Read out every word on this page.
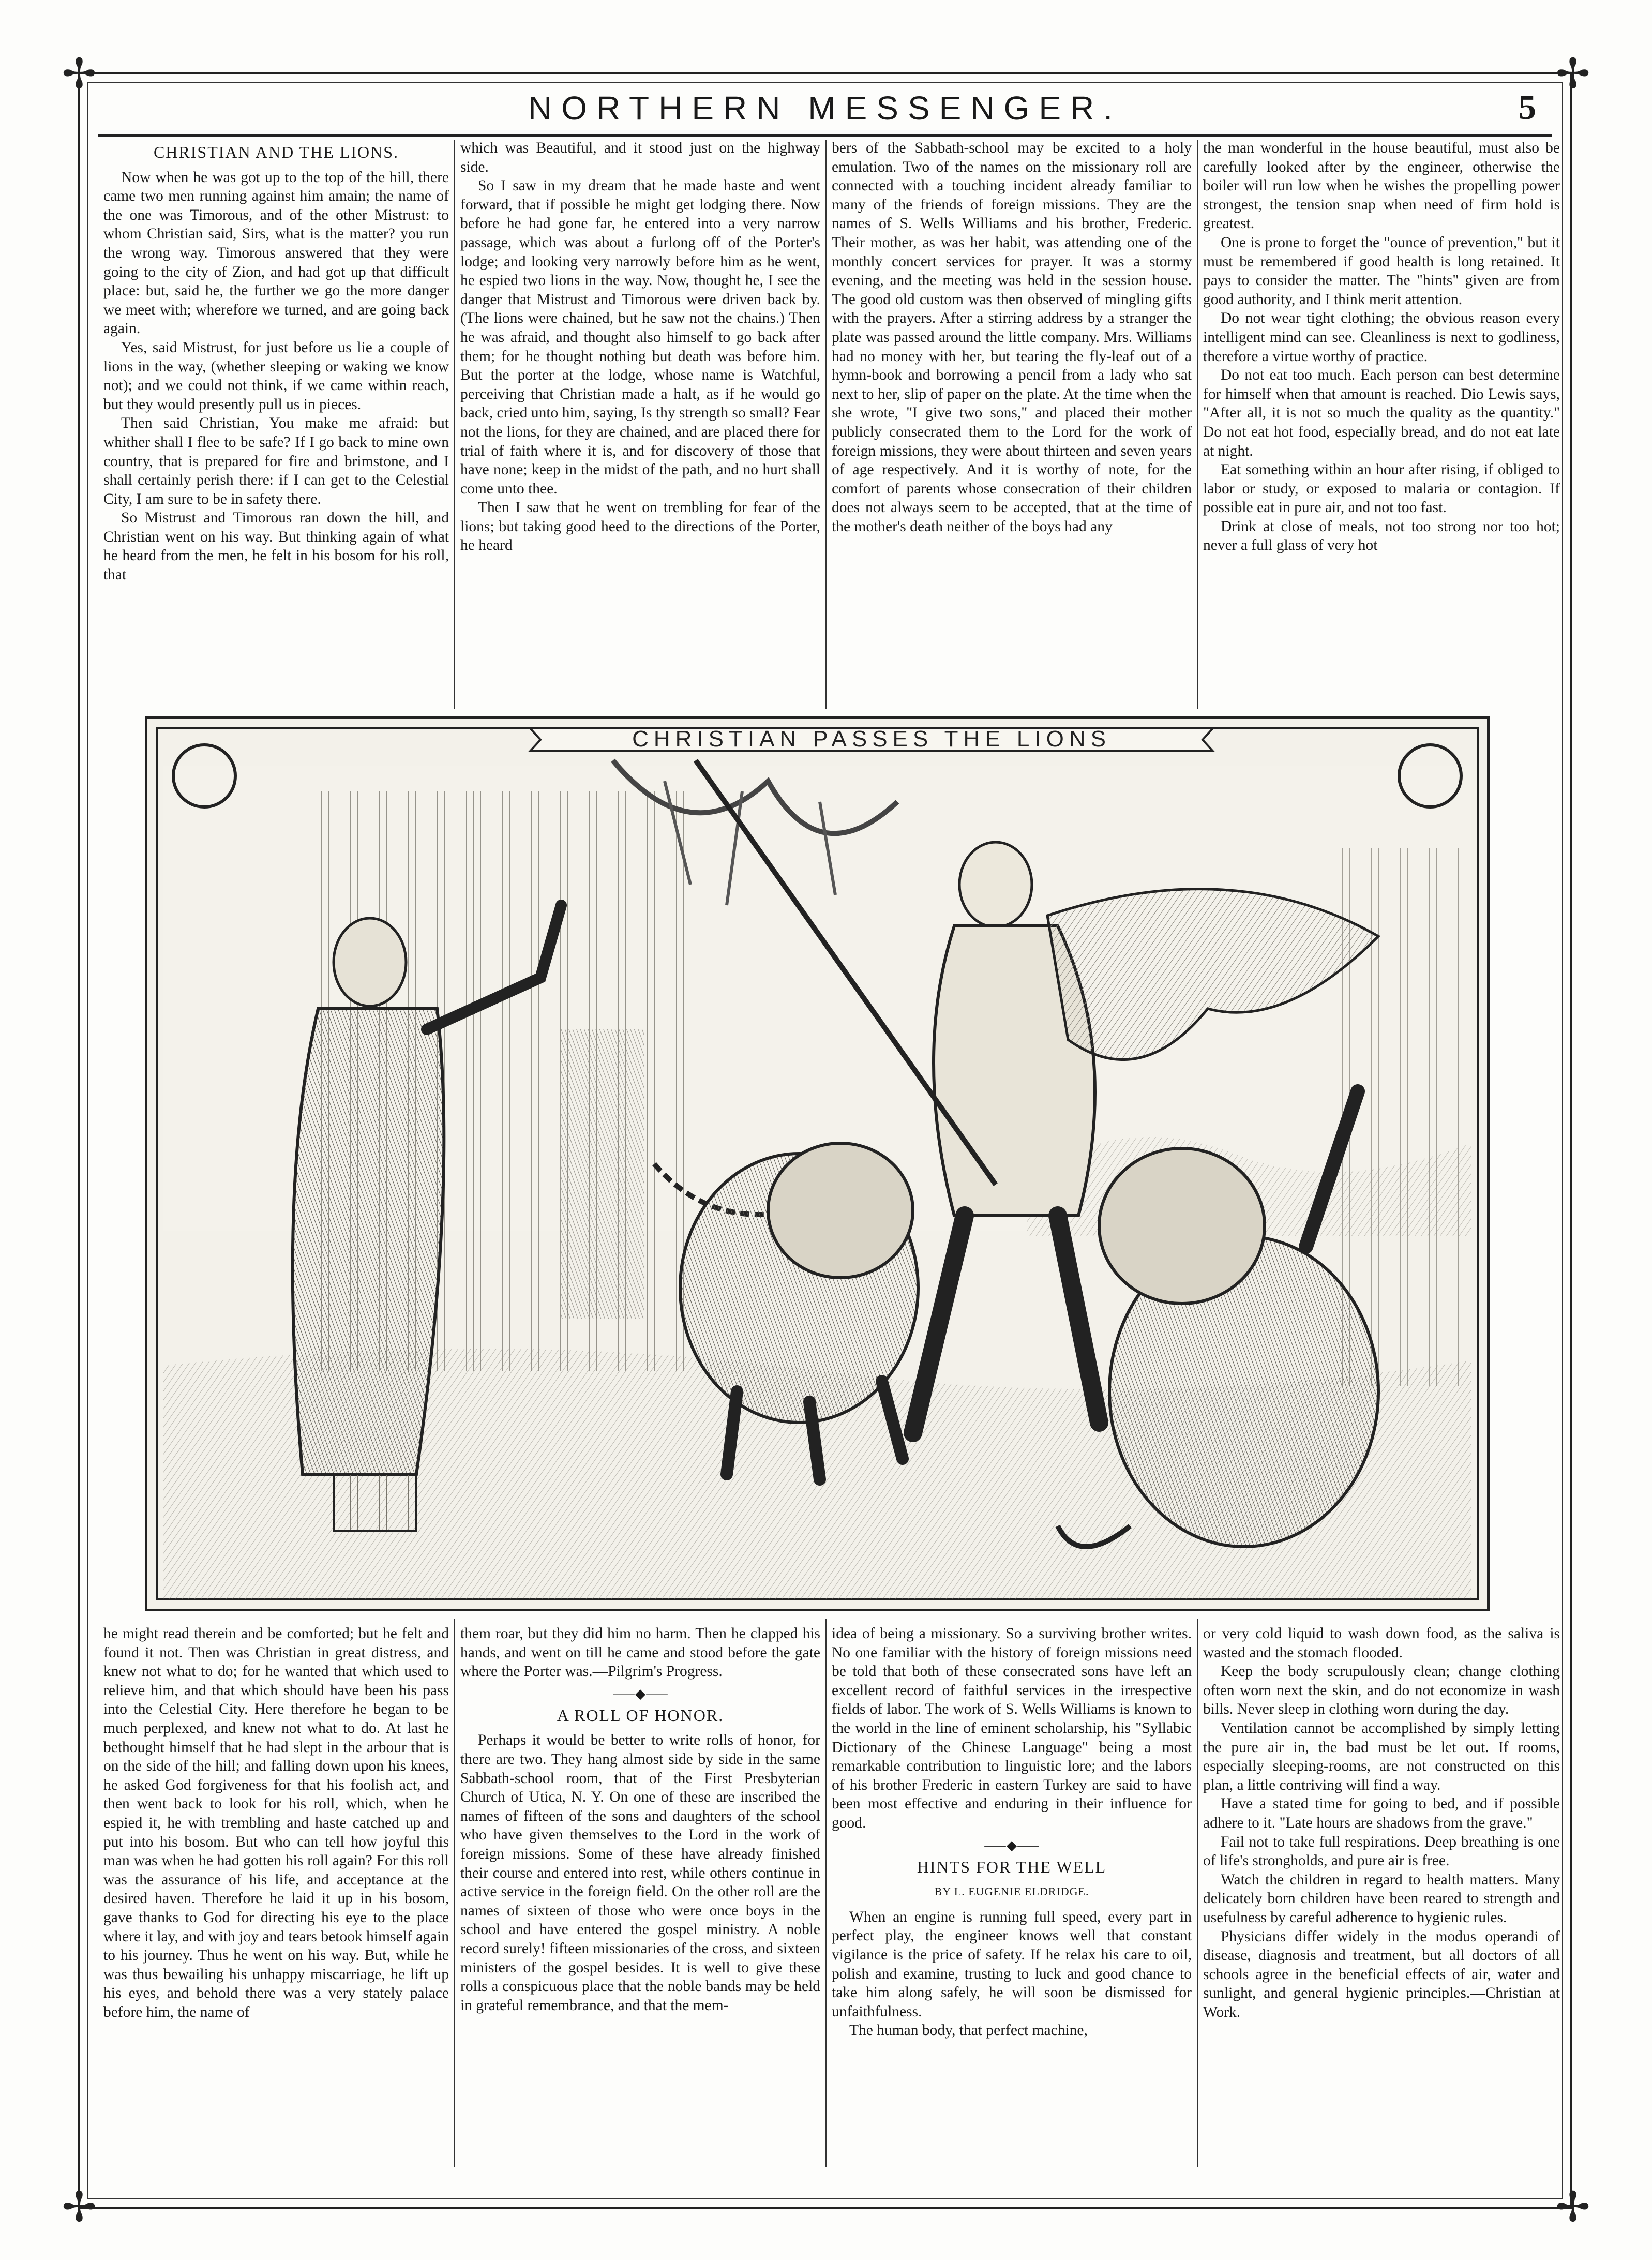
✢	✢
✢	✢
NORTHERN MESSENGER.	5
CHRISTIAN AND THE LIONS.

Now when he was got up to the top of the hill, there came two men running against him amain; the name of the one was Timorous, and of the other Mistrust: to whom Christian said, Sirs, what is the matter? you run the wrong way. Timorous answered that they were going to the city of Zion, and had got up that difficult place: but, said he, the further we go the more danger we meet with; wherefore we turned, and are going back again.

Yes, said Mistrust, for just before us lie a couple of lions in the way, (whether sleeping or waking we know not); and we could not think, if we came within reach, but they would presently pull us in pieces.

Then said Christian, You make me afraid: but whither shall I flee to be safe? If I go back to mine own country, that is prepared for fire and brimstone, and I shall certainly perish there: if I can get to the Celestial City, I am sure to be in safety there.

So Mistrust and Timorous ran down the hill, and Christian went on his way. But thinking again of what he heard from the men, he felt in his bosom for his roll, that

which was Beautiful, and it stood just on the highway side.

So I saw in my dream that he made haste and went forward, that if possible he might get lodging there. Now before he had gone far, he entered into a very narrow passage, which was about a furlong off of the Porter's lodge; and looking very narrowly before him as he went, he espied two lions in the way. Now, thought he, I see the danger that Mistrust and Timorous were driven back by. (The lions were chained, but he saw not the chains.) Then he was afraid, and thought also himself to go back after them; for he thought nothing but death was before him. But the porter at the lodge, whose name is Watchful, perceiving that Christian made a halt, as if he would go back, cried unto him, saying, Is thy strength so small? Fear not the lions, for they are chained, and are placed there for trial of faith where it is, and for discovery of those that have none; keep in the midst of the path, and no hurt shall come unto thee.

Then I saw that he went on trembling for fear of the lions; but taking good heed to the directions of the Porter, he heard

bers of the Sabbath-school may be excited to a holy emulation. Two of the names on the missionary roll are connected with a touching incident already familiar to many of the friends of foreign missions. They are the names of S. Wells Williams and his brother, Frederic. Their mother, as was her habit, was attending one of the monthly concert services for prayer. It was a stormy evening, and the meeting was held in the session house. The good old custom was then observed of mingling gifts with the prayers. After a stirring address by a stranger the plate was passed around the little company. Mrs. Williams had no money with her, but tearing the fly-leaf out of a hymn-book and borrowing a pencil from a lady who sat next to her, slip of paper on the plate. At the time when the she wrote, "I give two sons," and placed their mother publicly consecrated them to the Lord for the work of foreign missions, they were about thirteen and seven years of age respectively. And it is worthy of note, for the comfort of parents whose consecration of their children does not always seem to be accepted, that at the time of the mother's death neither of the boys had any

the man wonderful in the house beautiful, must also be carefully looked after by the engineer, otherwise the boiler will run low when he wishes the propelling power strongest, the tension snap when need of firm hold is greatest.

One is prone to forget the "ounce of prevention," but it must be remembered if good health is long retained. It pays to consider the matter. The "hints" given are from good authority, and I think merit attention.

Do not wear tight clothing; the obvious reason every intelligent mind can see. Cleanliness is next to godliness, therefore a virtue worthy of practice.

Do not eat too much. Each person can best determine for himself when that amount is reached. Dio Lewis says, "After all, it is not so much the quality as the quantity." Do not eat hot food, especially bread, and do not eat late at night.

Eat something within an hour after rising, if obliged to labor or study, or exposed to malaria or contagion. If possible eat in pure air, and not too fast.

Drink at close of meals, not too strong nor too hot; never a full glass of very hot

CHRISTIAN PASSES THE LIONS

he might read therein and be comforted; but he felt and found it not. Then was Christian in great distress, and knew not what to do; for he wanted that which used to relieve him, and that which should have been his pass into the Celestial City. Here therefore he began to be much perplexed, and knew not what to do. At last he bethought himself that he had slept in the arbour that is on the side of the hill; and falling down upon his knees, he asked God forgiveness for that his foolish act, and then went back to look for his roll, which, when he espied it, he with trembling and haste catched up and put into his bosom. But who can tell how joyful this man was when he had gotten his roll again? For this roll was the assurance of his life, and acceptance at the desired haven. Therefore he laid it up in his bosom, gave thanks to God for directing his eye to the place where it lay, and with joy and tears betook himself again to his journey. Thus he went on his way. But, while he was thus bewailing his unhappy miscarriage, he lift up his eyes, and behold there was a very stately palace before him, the name of

them roar, but they did him no harm. Then he clapped his hands, and went on till he came and stood before the gate where the Porter was.—Pilgrim's Progress.

⸺◆⸺
A ROLL OF HONOR.

Perhaps it would be better to write rolls of honor, for there are two. They hang almost side by side in the same Sabbath-school room, that of the First Presbyterian Church of Utica, N. Y. On one of these are inscribed the names of fifteen of the sons and daughters of the school who have given themselves to the Lord in the work of foreign missions. Some of these have already finished their course and entered into rest, while others continue in active service in the foreign field. On the other roll are the names of sixteen of those who were once boys in the school and have entered the gospel ministry. A noble record surely! fifteen missionaries of the cross, and sixteen ministers of the gospel besides. It is well to give these rolls a conspicuous place that the noble bands may be held in grateful remembrance, and that the mem-

idea of being a missionary. So a surviving brother writes. No one familiar with the history of foreign missions need be told that both of these consecrated sons have left an excellent record of faithful services in the irrespective fields of labor. The work of S. Wells Williams is known to the world in the line of eminent scholarship, his "Syllabic Dictionary of the Chinese Language" being a most remarkable contribution to linguistic lore; and the labors of his brother Frederic in eastern Turkey are said to have been most effective and enduring in their influence for good.

⸺◆⸺
HINTS FOR THE WELL

BY L. EUGENIE ELDRIDGE.

When an engine is running full speed, every part in perfect play, the engineer knows well that constant vigilance is the price of safety. If he relax his care to oil, polish and examine, trusting to luck and good chance to take him along safely, he will soon be dismissed for unfaithfulness.

The human body, that perfect machine,

or very cold liquid to wash down food, as the saliva is wasted and the stomach flooded.

Keep the body scrupulously clean; change clothing often worn next the skin, and do not economize in wash bills. Never sleep in clothing worn during the day.

Ventilation cannot be accomplished by simply letting the pure air in, the bad must be let out. If rooms, especially sleeping-rooms, are not constructed on this plan, a little contriving will find a way.

Have a stated time for going to bed, and if possible adhere to it. "Late hours are shadows from the grave."

Fail not to take full respirations. Deep breathing is one of life's strongholds, and pure air is free.

Watch the children in regard to health matters. Many delicately born children have been reared to strength and usefulness by careful adherence to hygienic rules.

Physicians differ widely in the modus operandi of disease, diagnosis and treatment, but all doctors of all schools agree in the beneficial effects of air, water and sunlight, and general hygienic principles.—Christian at Work.
